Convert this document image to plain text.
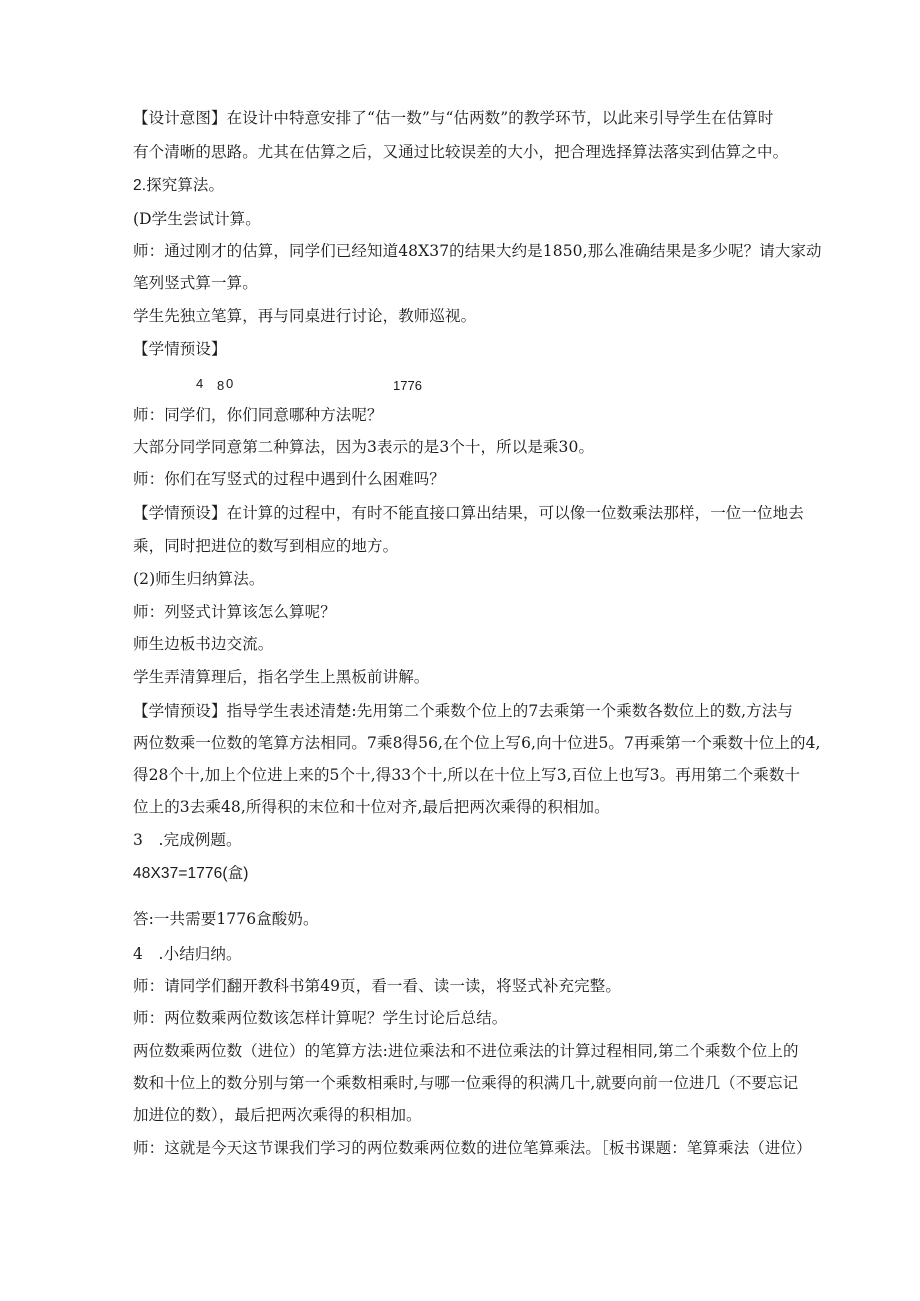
【设计意图】在设计中特意安排了“估一数”与“估两数”的教学环节，以此来引导学生在估算时
有个清晰的思路。尤其在估算之后，又通过比较误差的大小，把合理选择算法落实到估算之中。
2.探究算法。
(D学生尝试计算。
师：通过刚才的估算，同学们已经知道48X37的结果大约是1850,那么准确结果是多少呢？请大家动
笔列竖式算一算。
学生先独立笔算，再与同桌进行讨论，教师巡视。
【学情预设】
4 8 0	1776
师：同学们，你们同意哪种方法呢？
大部分同学同意第二种算法，因为3表示的是3个十，所以是乘30。
师：你们在写竖式的过程中遇到什么困难吗？
【学情预设】在计算的过程中，有时不能直接口算出结果，可以像一位数乘法那样，一位一位地去
乘，同时把进位的数写到相应的地方。
(2)师生归纳算法。
师：列竖式计算该怎么算呢？
师生边板书边交流。
学生弄清算理后，指名学生上黑板前讲解。
【学情预设】指导学生表述清楚:先用第二个乘数个位上的7去乘第一个乘数各数位上的数,方法与
两位数乘一位数的笔算方法相同。7乘8得56,在个位上写6,向十位进5。7再乘第一个乘数十位上的4,
得28个十,加上个位进上来的5个十,得33个十,所以在十位上写3,百位上也写3。再用第二个乘数十
位上的3去乘48,所得积的末位和十位对齐,最后把两次乘得的积相加。
3　.完成例题。
48X37=1776(盒)
答:一共需要1776盒酸奶。
4　.小结归纳。
师：请同学们翻开教科书第49页，看一看、读一读，将竖式补充完整。
师：两位数乘两位数该怎样计算呢？学生讨论后总结。
两位数乘两位数（进位）的笔算方法:进位乘法和不进位乘法的计算过程相同,第二个乘数个位上的
数和十位上的数分别与第一个乘数相乘时,与哪一位乘得的积满几十,就要向前一位进几（不要忘记
加进位的数），最后把两次乘得的积相加。
师：这就是今天这节课我们学习的两位数乘两位数的进位笔算乘法。［板书课题：笔算乘法（进位）
